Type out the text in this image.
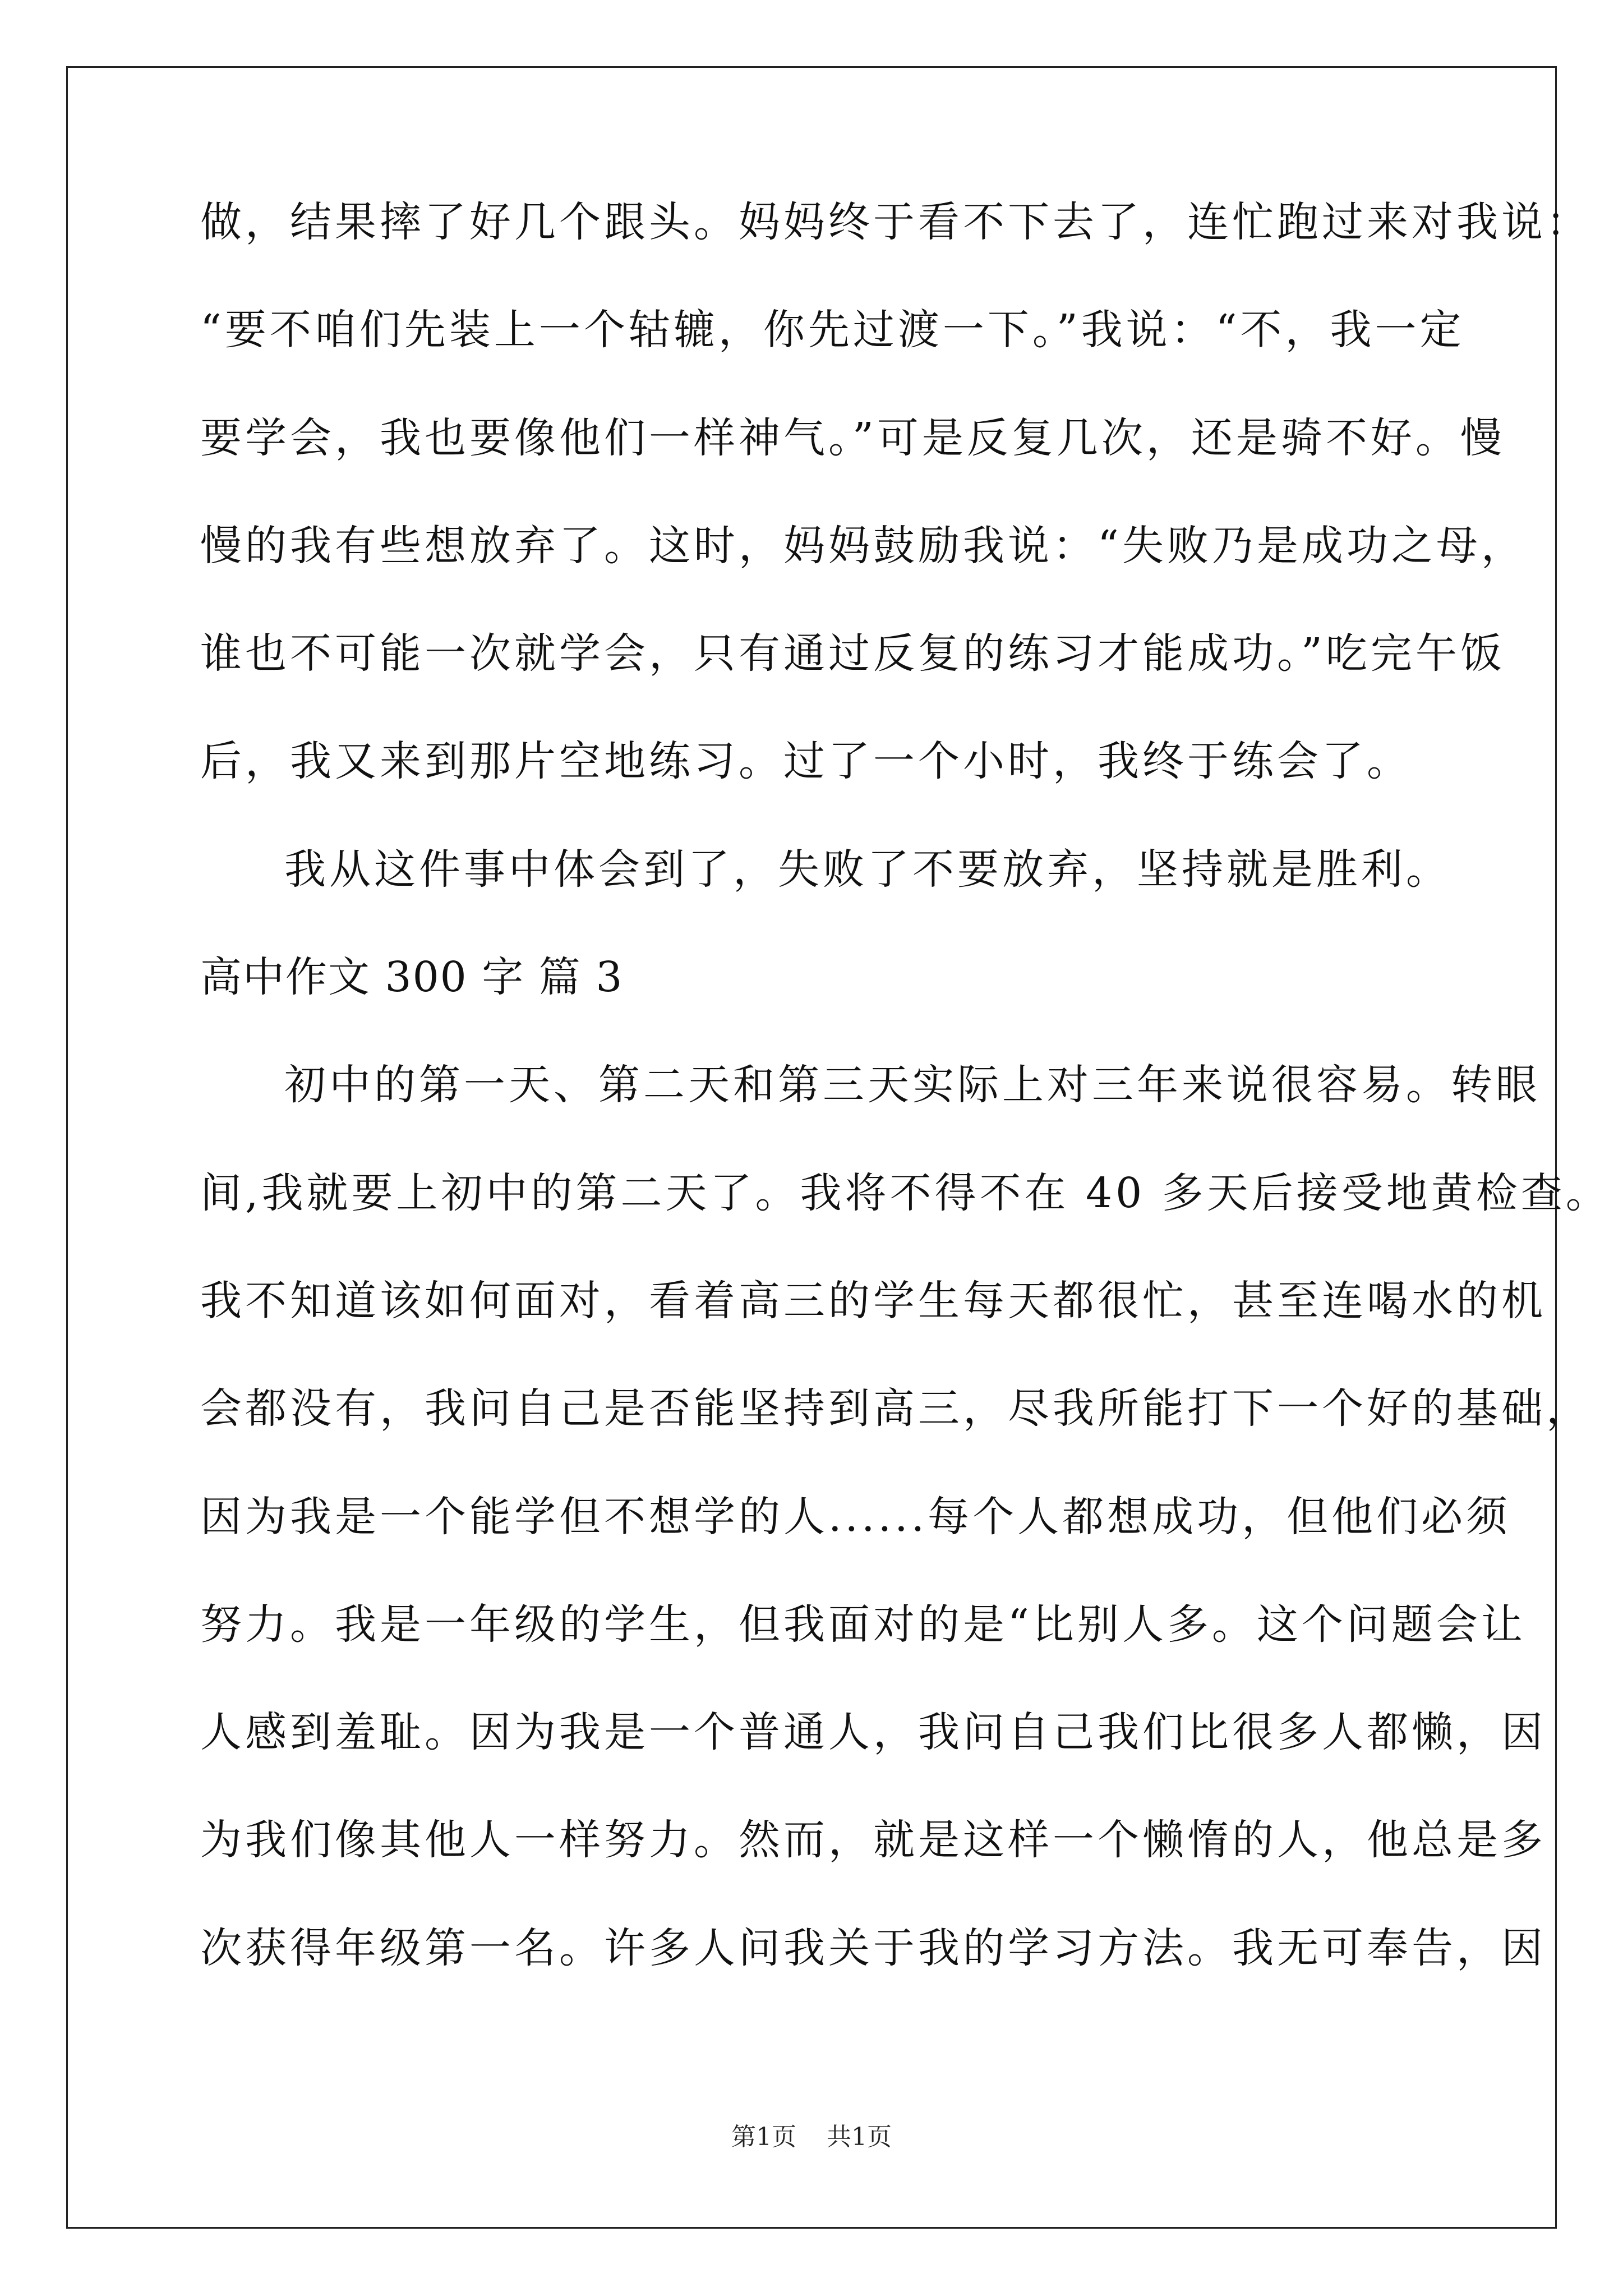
做，结果摔了好几个跟头。妈妈终于看不下去了，连忙跑过来对我说：
“要不咱们先装上一个轱辘，你先过渡一下。”我说：“不，我一定
要学会，我也要像他们一样神气。”可是反复几次，还是骑不好。慢
慢的我有些想放弃了。这时，妈妈鼓励我说：“失败乃是成功之母，
谁也不可能一次就学会，只有通过反复的练习才能成功。”吃完午饭
后，我又来到那片空地练习。过了一个小时，我终于练会了。
我从这件事中体会到了，失败了不要放弃，坚持就是胜利。
高中作文 300 字 篇 3
初中的第一天、第二天和第三天实际上对三年来说很容易。转眼
间,我就要上初中的第二天了。我将不得不在 40 多天后接受地黄检查。
我不知道该如何面对，看着高三的学生每天都很忙，甚至连喝水的机
会都没有，我问自己是否能坚持到高三，尽我所能打下一个好的基础，
因为我是一个能学但不想学的人......每个人都想成功，但他们必须
努力。我是一年级的学生，但我面对的是“比别人多。这个问题会让
人感到羞耻。因为我是一个普通人，我问自己我们比很多人都懒，因
为我们像其他人一样努力。然而，就是这样一个懒惰的人，他总是多
次获得年级第一名。许多人问我关于我的学习方法。我无可奉告，因
第1页 共1页
